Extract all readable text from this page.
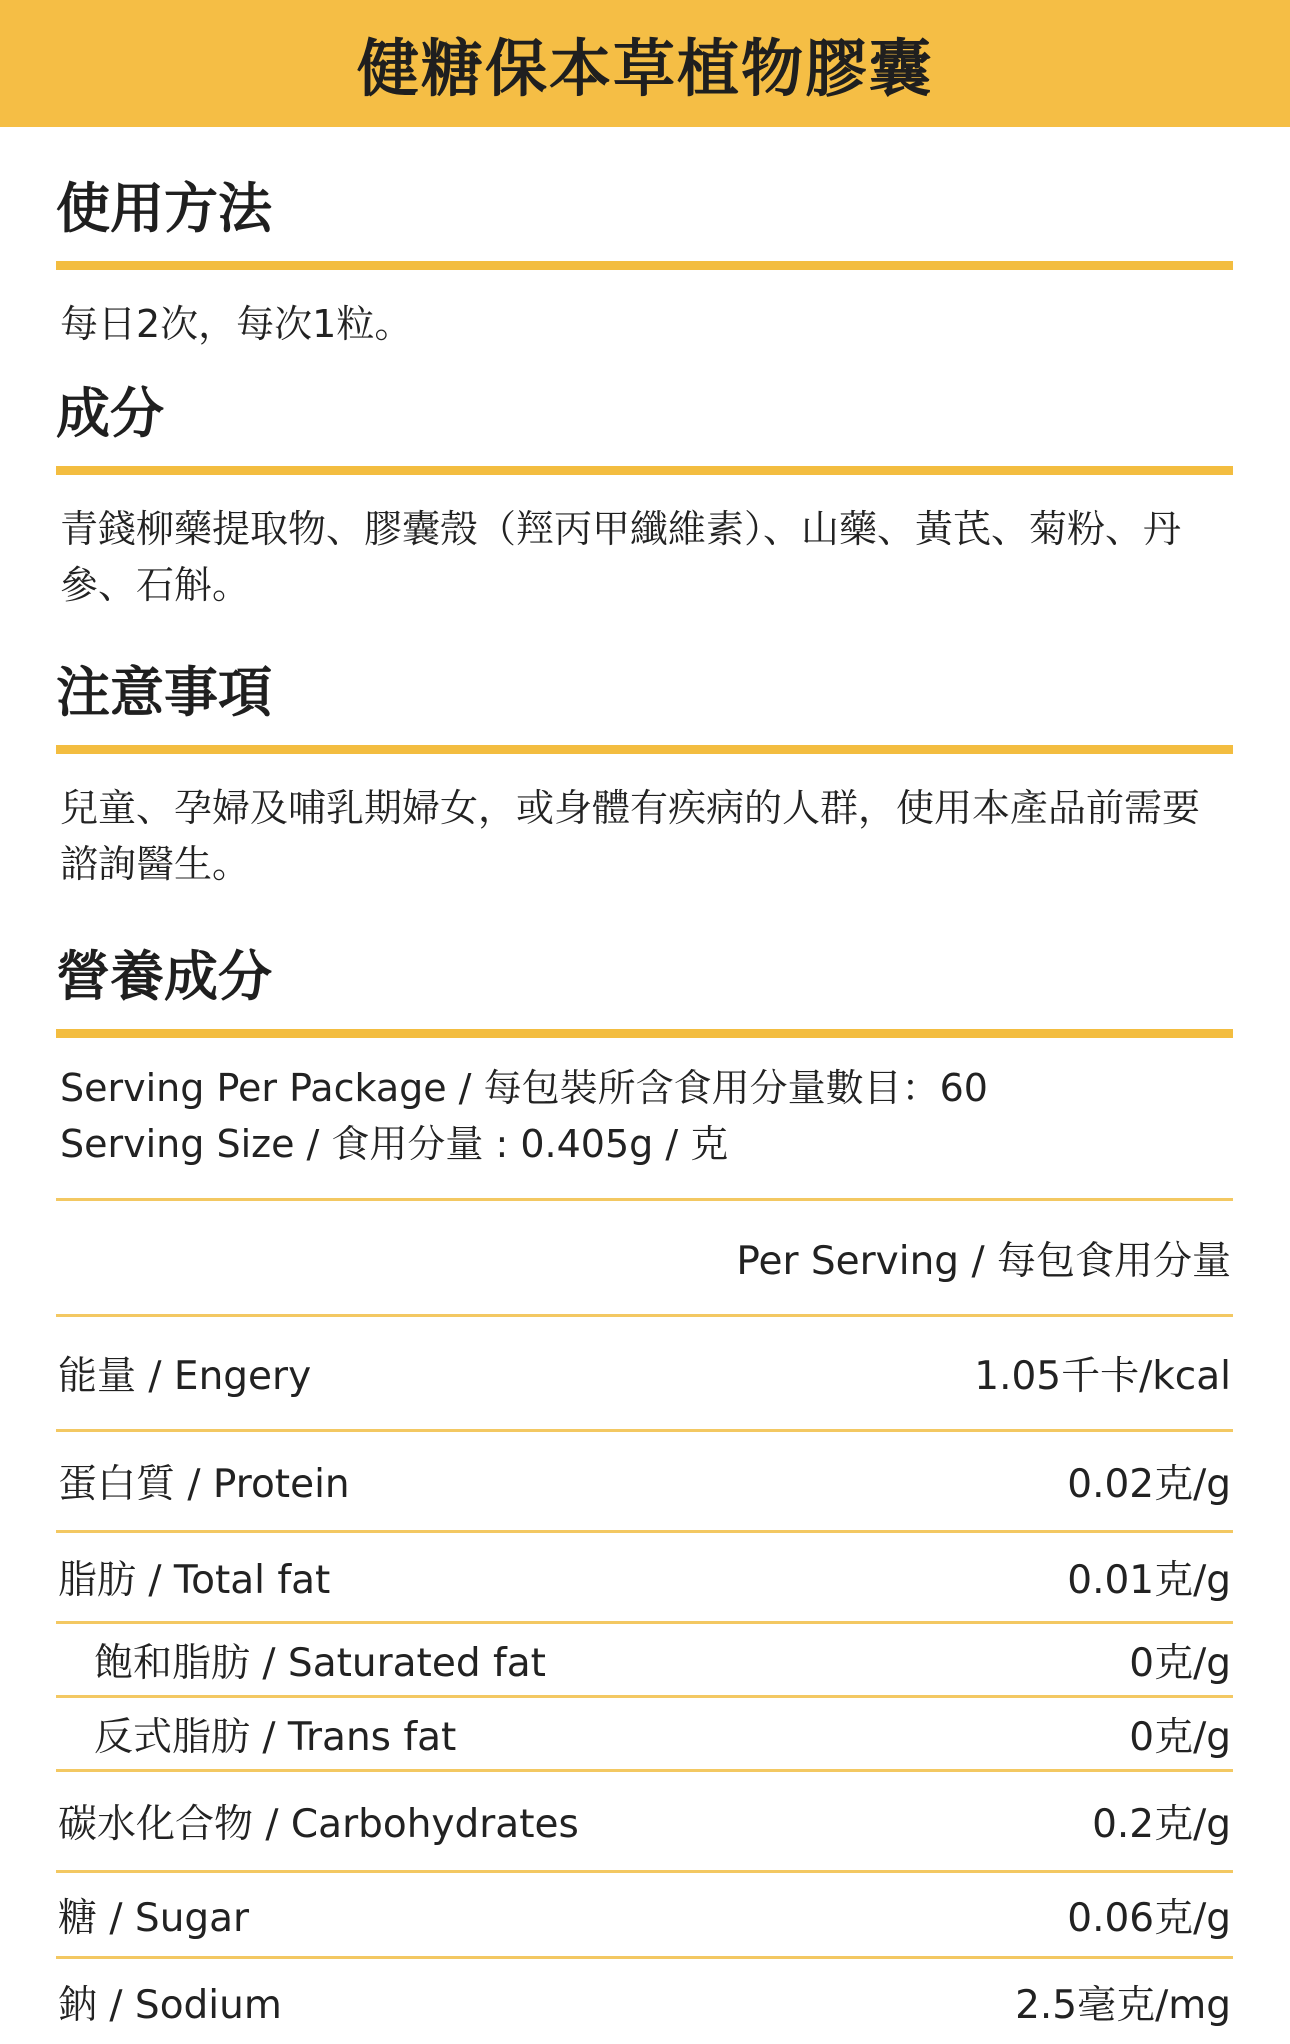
健糖保本草植物膠囊
使用方法

每日2次，每次1粒。

成分

青錢柳藥提取物、膠囊殼（羥丙甲纖維素）、山藥、黃芪、菊粉、丹參、石斛。

注意事項

兒童、孕婦及哺乳期婦女，或身體有疾病的人群，使用本產品前需要諮詢醫生。

營養成分

Serving Per Package / 每包裝所含食用分量數目：60

Serving Size / 食用分量 : 0.405g / 克

Per Serving / 每包食用分量
能量 / Engery	1.05千卡/kcal
蛋白質 / Protein	0.02克/g
脂肪 / Total fat	0.01克/g
飽和脂肪 / Saturated fat	0克/g
反式脂肪 / Trans fat	0克/g
碳水化合物 / Carbohydrates	0.2克/g
糖 / Sugar	0.06克/g
鈉 / Sodium	2.5毫克/mg
